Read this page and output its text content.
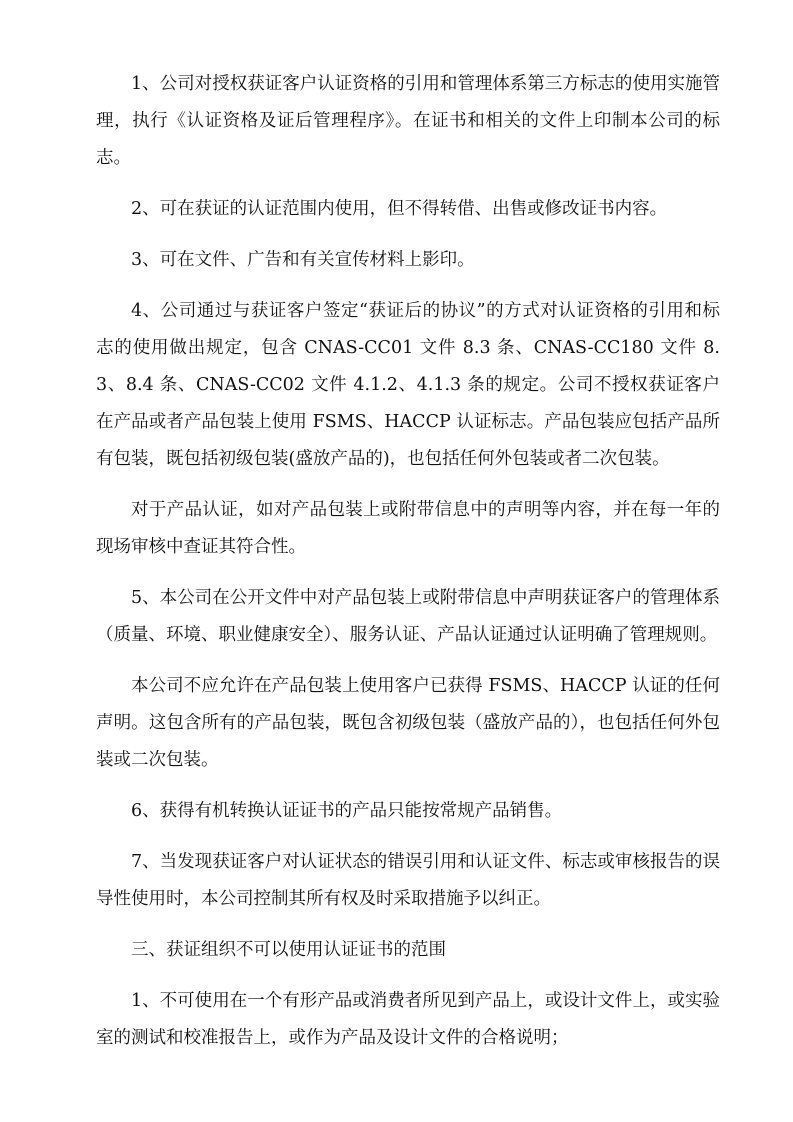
1、公司对授权获证客户认证资格的引用和管理体系第三方标志的使用实施管理，执行《认证资格及证后管理程序》。在证书和相关的文件上印制本公司的标志。

2、可在获证的认证范围内使用，但不得转借、出售或修改证书内容。

3、可在文件、广告和有关宣传材料上影印。

4、公司通过与获证客户签定“获证后的协议”的方式对认证资格的引用和标志的使用做出规定，包含 CNAS-CC01 文件 8.3 条、CNAS-CC180 文件 8.3、8.4 条、CNAS-CC02 文件 4.1.2、4.1.3 条的规定。公司不授权获证客户在产品或者产品包装上使用 FSMS、HACCP 认证标志。产品包装应包括产品所有包装，既包括初级包装(盛放产品的)，也包括任何外包装或者二次包装。

对于产品认证，如对产品包装上或附带信息中的声明等内容，并在每一年的现场审核中查证其符合性。

5、本公司在公开文件中对产品包装上或附带信息中声明获证客户的管理体系（质量、环境、职业健康安全）、服务认证、产品认证通过认证明确了管理规则。

本公司不应允许在产品包装上使用客户已获得 FSMS、HACCP 认证的任何声明。这包含所有的产品包装，既包含初级包装（盛放产品的），也包括任何外包装或二次包装。

6、获得有机转换认证证书的产品只能按常规产品销售。

7、当发现获证客户对认证状态的错误引用和认证文件、标志或审核报告的误导性使用时，本公司控制其所有权及时采取措施予以纠正。

三、获证组织不可以使用认证证书的范围

1、不可使用在一个有形产品或消费者所见到产品上，或设计文件上，或实验室的测试和校准报告上，或作为产品及设计文件的合格说明；
